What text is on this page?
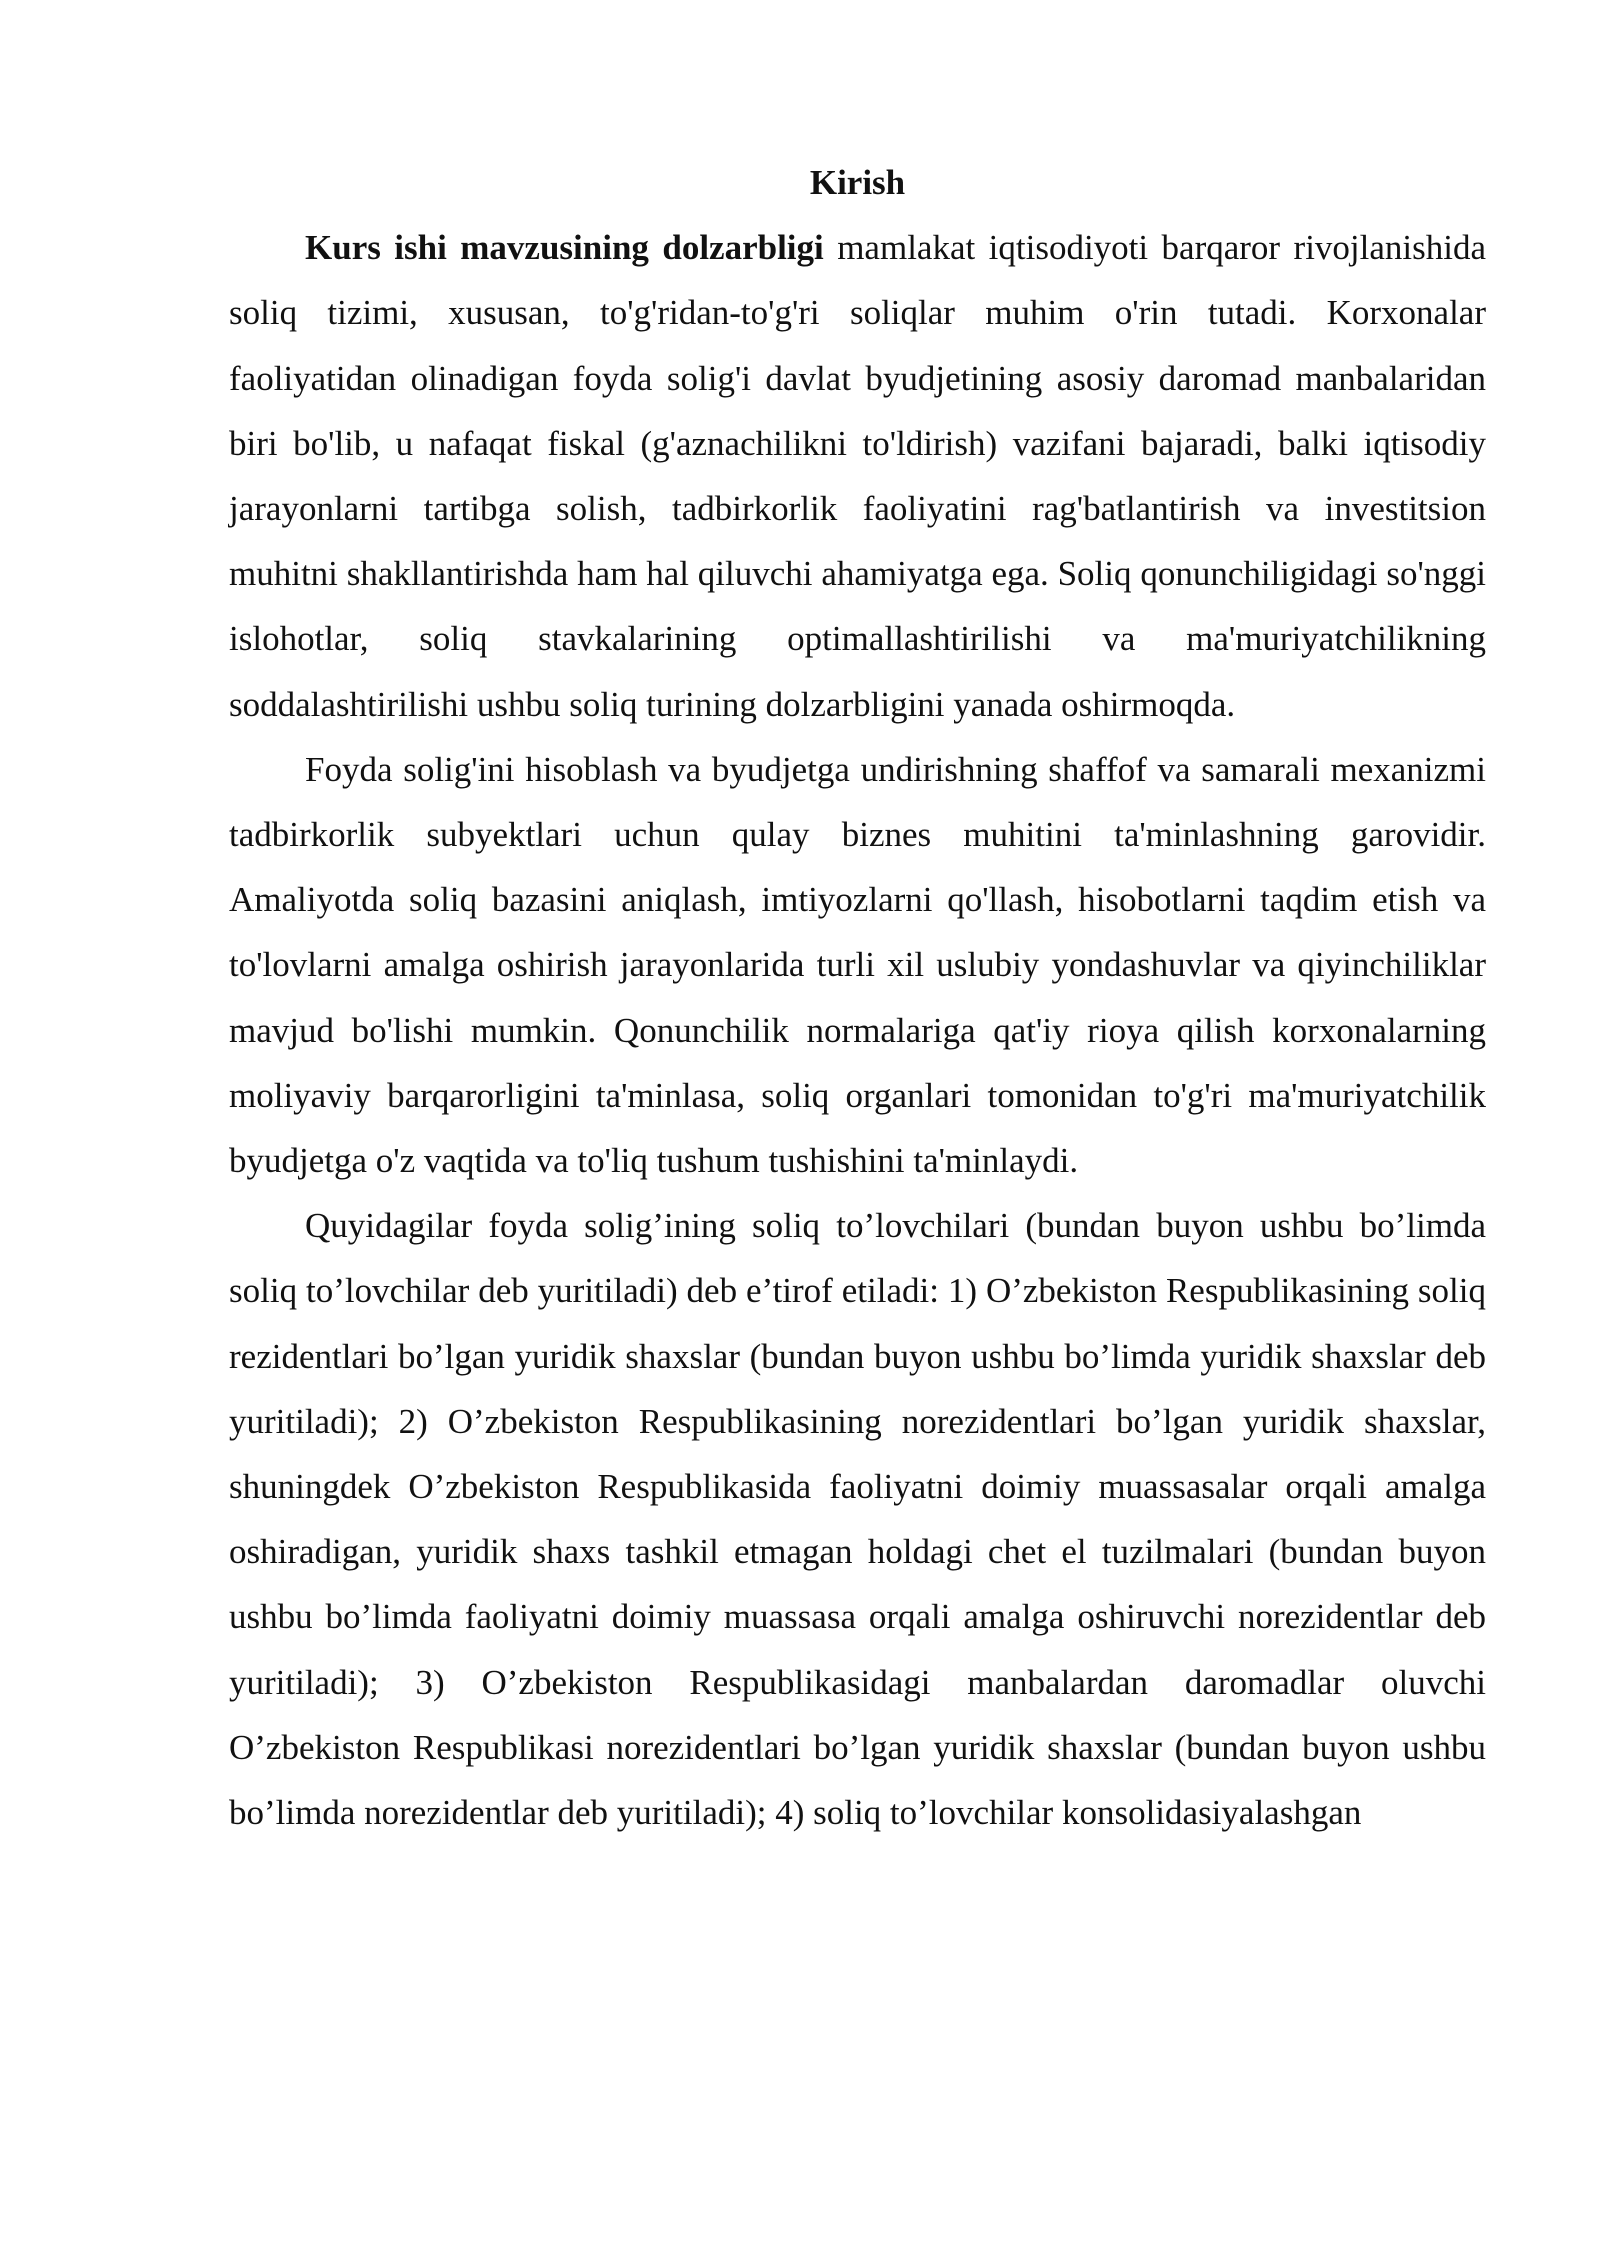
Kirish

Kurs ishi mavzusining dolzarbligi mamlakat iqtisodiyoti barqaror rivojlanishida soliq tizimi, xususan, to'g'ridan-to'g'ri soliqlar muhim o'rin tutadi. Korxonalar faoliyatidan olinadigan foyda solig'i davlat byudjetining asosiy daromad manbalaridan biri bo'lib, u nafaqat fiskal (g'aznachilikni to'ldirish) vazifani bajaradi, balki iqtisodiy jarayonlarni tartibga solish, tadbirkorlik faoliyatini rag'batlantirish va investitsion muhitni shakllantirishda ham hal qiluvchi ahamiyatga ega. Soliq qonunchiligidagi so'nggi islohotlar, soliq stavkalarining optimallashtirilishi va ma'muriyatchilikning soddalashtirilishi ushbu soliq turining dolzarbligini yanada oshirmoqda.

Foyda solig'ini hisoblash va byudjetga undirishning shaffof va samarali mexanizmi tadbirkorlik subyektlari uchun qulay biznes muhitini ta'minlashning garovidir. Amaliyotda soliq bazasini aniqlash, imtiyozlarni qo'llash, hisobotlarni taqdim etish va to'lovlarni amalga oshirish jarayonlarida turli xil uslubiy yondashuvlar va qiyinchiliklar mavjud bo'lishi mumkin. Qonunchilik normalariga qat'iy rioya qilish korxonalarning moliyaviy barqarorligini ta'minlasa, soliq organlari tomonidan to'g'ri ma'muriyatchilik byudjetga o'z vaqtida va to'liq tushum tushishini ta'minlaydi.

Quyidagilar foyda solig’ining soliq to’lovchilari (bundan buyon ushbu bo’limda soliq to’lovchilar deb yuritiladi) deb e’tirof etiladi: 1) O’zbekiston Respublikasining soliq rezidentlari bo’lgan yuridik shaxslar (bundan buyon ushbu bo’limda yuridik shaxslar deb yuritiladi); 2) O’zbekiston Respublikasining norezidentlari bo’lgan yuridik shaxslar, shuningdek O’zbekiston Respublikasida faoliyatni doimiy muassasalar orqali amalga oshiradigan, yuridik shaxs tashkil etmagan holdagi chet el tuzilmalari (bundan buyon ushbu bo’limda faoliyatni doimiy muassasa orqali amalga oshiruvchi norezidentlar deb yuritiladi); 3) O’zbekiston Respublikasidagi manbalardan daromadlar oluvchi O’zbekiston Respublikasi norezidentlari bo’lgan yuridik shaxslar (bundan buyon ushbu bo’limda norezidentlar deb yuritiladi); 4) soliq to’lovchilar konsolidasiyalashgan
